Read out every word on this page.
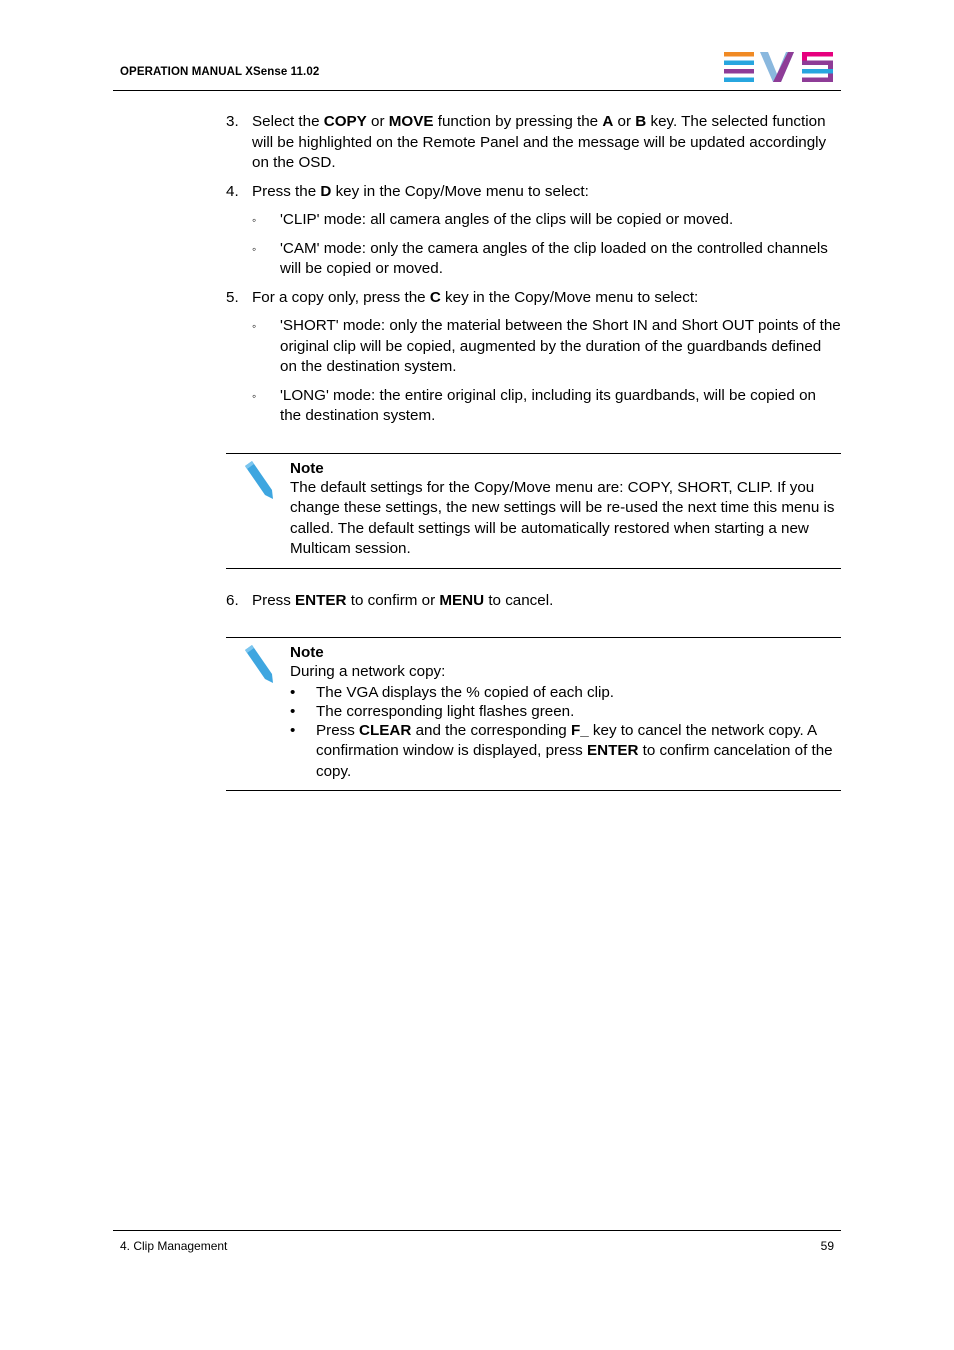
OPERATION MANUAL XSense 11.02
3. Select the COPY or MOVE function by pressing the A or B key. The selected function will be highlighted on the Remote Panel and the message will be updated accordingly on the OSD.
4. Press the D key in the Copy/Move menu to select:
◦ 'CLIP' mode: all camera angles of the clips will be copied or moved.
◦ 'CAM' mode: only the camera angles of the clip loaded on the controlled channels will be copied or moved.
5. For a copy only, press the C key in the Copy/Move menu to select:
◦ 'SHORT' mode: only the material between the Short IN and Short OUT points of the original clip will be copied, augmented by the duration of the guardbands defined on the destination system.
◦ 'LONG' mode: the entire original clip, including its guardbands, will be copied on the destination system.
Note
The default settings for the Copy/Move menu are: COPY, SHORT, CLIP. If you change these settings, the new settings will be re-used the next time this menu is called. The default settings will be automatically restored when starting a new Multicam session.
6. Press ENTER to confirm or MENU to cancel.
Note
During a network copy:
• The VGA displays the % copied of each clip.
• The corresponding light flashes green.
• Press CLEAR and the corresponding F_ key to cancel the network copy. A confirmation window is displayed, press ENTER to confirm cancelation of the copy.
4. Clip Management	59
